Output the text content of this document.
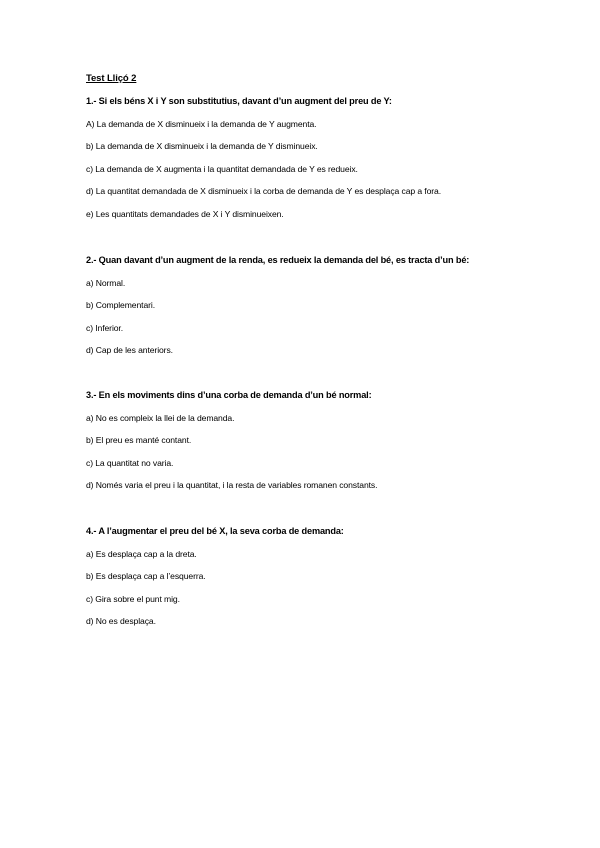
Test Lliçó 2
1.- Si els béns X i Y son substitutius, davant d’un augment del preu de Y:
A) La demanda de X disminueix i la demanda de Y augmenta.
b) La demanda de X disminueix i la demanda de Y disminueix.
c) La demanda de X augmenta i la quantitat demandada de Y es redueix.
d) La quantitat demandada de X disminueix i la corba de demanda de Y es desplaça cap a fora.
e) Les quantitats demandades de X i Y disminueixen.
2.- Quan davant d’un augment de la renda, es redueix la demanda del bé, es tracta d’un bé:
a) Normal.
b) Complementari.
c) Inferior.
d) Cap de les anteriors.
3.- En els moviments dins d’una corba de demanda d’un bé normal:
a) No es compleix la llei de la demanda.
b) El preu es manté contant.
c) La quantitat no varia.
d) Només varia el preu i la quantitat, i la resta de variables romanen constants.
4.- A l’augmentar el preu del bé X, la seva corba de demanda:
a) Es desplaça cap a la dreta.
b) Es desplaça cap a l’esquerra.
c) Gira sobre el punt mig.
d) No es desplaça.
